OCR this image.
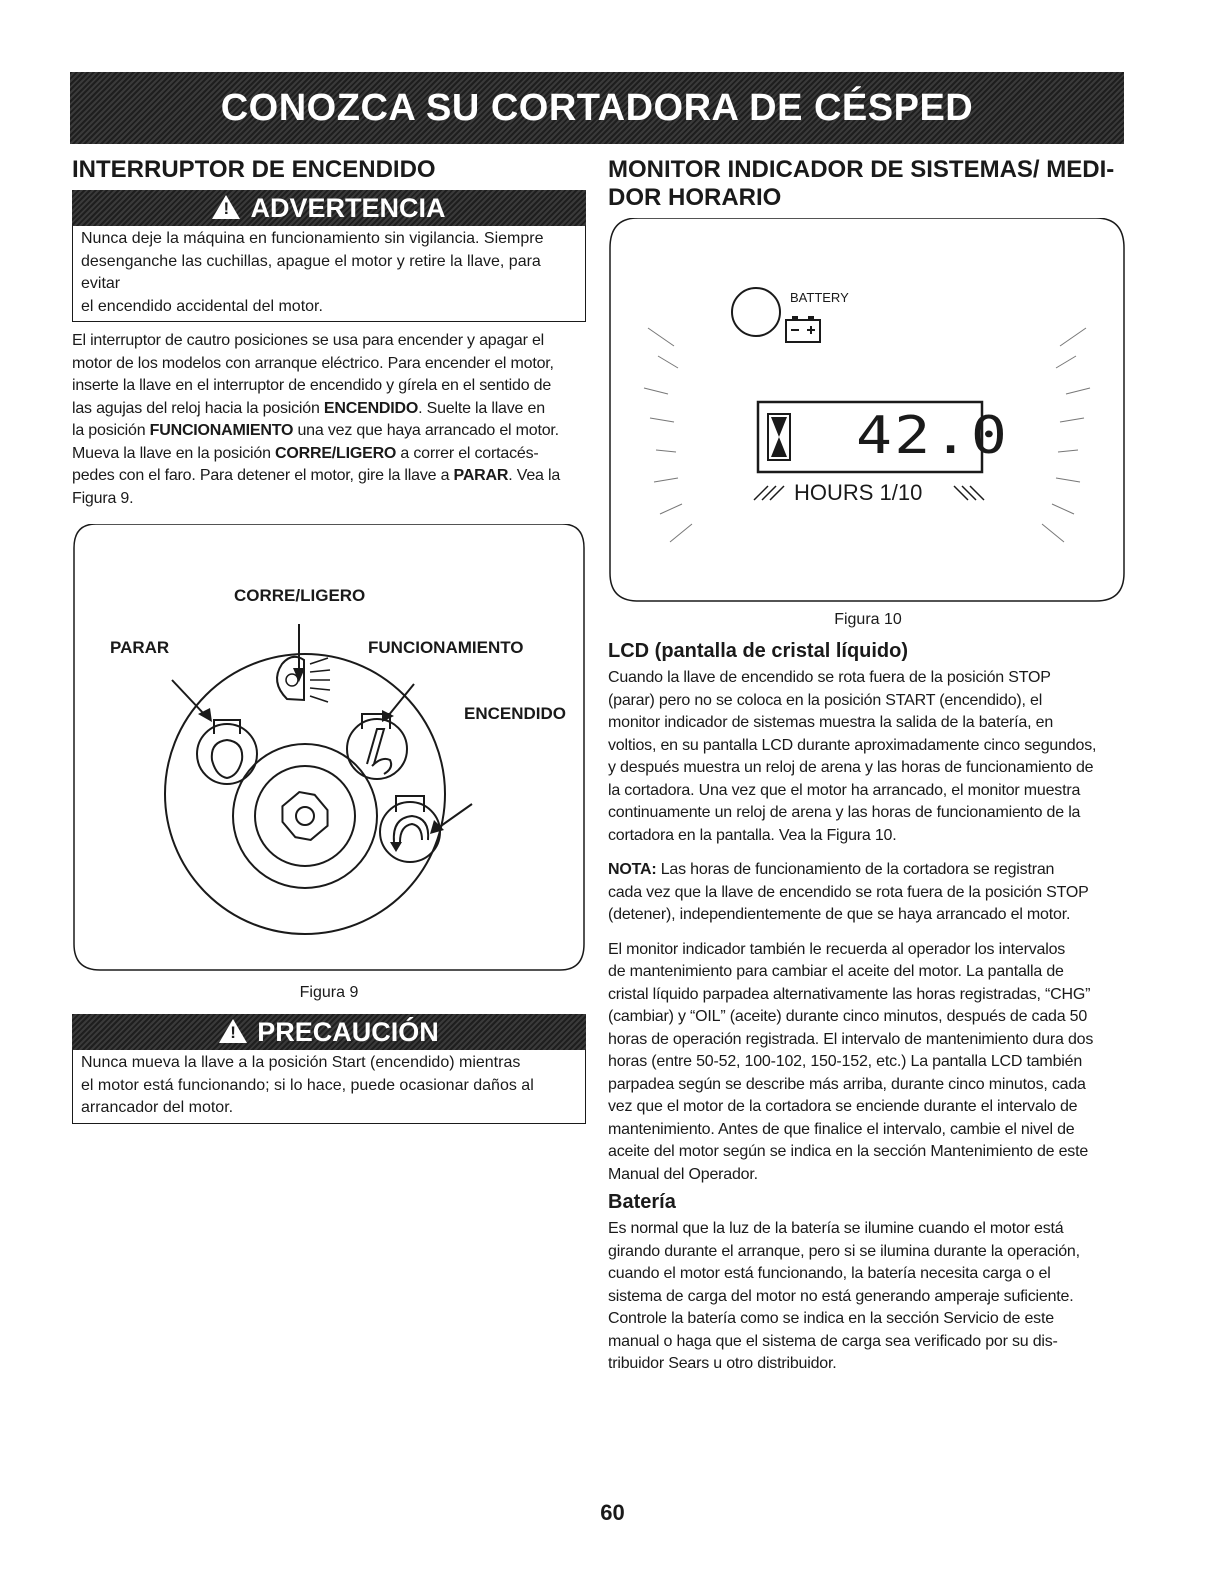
CONOZCA SU CORTADORA DE CÉSPED
INTERRUPTOR DE ENCENDIDO
!
ADVERTENCIA
Nunca deje la máquina en funcionamiento sin vigilancia. Siempre
desenganche las cuchillas, apague el motor y retire la llave, para evitar
el encendido accidental del motor.

El interruptor de cautro posiciones se usa para encender y apagar el

motor de los modelos con arranque eléctrico. Para encender el motor,

inserte la llave en el interruptor de encendido y gírela en el sentido de

las agujas del reloj hacia la posición ENCENDIDO. Suelte la llave en

la posición FUNCIONAMIENTO una vez que haya arrancado el motor.

Mueva la llave en la posición CORRE/LIGERO a correr el cortacés-

pedes con el faro. Para detener el motor, gire la llave a PARAR. Vea la

Figura 9.

CORRE/LIGERO
PARAR	FUNCIONAMIENTO
ENCENDIDO

Figura 9

!
PRECAUCIÓN
Nunca mueva la llave a la posición Start (encendido) mientras
el motor está funcionando; si lo hace, puede ocasionar daños al
arrancador del motor.
MONITOR INDICADOR DE SISTEMAS/ MEDI-
DOR HORARIO
BATTERY
42.0
HOURS 1/10

Figura 10

LCD (pantalla de cristal líquido)

Cuando la llave de encendido se rota fuera de la posición STOP

(parar) pero no se coloca en la posición START (encendido), el

monitor indicador de sistemas muestra la salida de la batería, en

voltios, en su pantalla LCD durante aproximadamente cinco segundos,

y después muestra un reloj de arena y las horas de funcionamiento de

la cortadora. Una vez que el motor ha arrancado, el monitor muestra

continuamente un reloj de arena y las horas de funcionamiento de la

cortadora en la pantalla. Vea la Figura 10.

NOTA: Las horas de funcionamiento de la cortadora se registran

cada vez que la llave de encendido se rota fuera de la posición STOP

(detener), independientemente de que se haya arrancado el motor.

El monitor indicador también le recuerda al operador los intervalos

de mantenimiento para cambiar el aceite del motor. La pantalla de

cristal líquido parpadea alternativamente las horas registradas, “CHG”

(cambiar) y “OIL” (aceite) durante cinco minutos, después de cada 50

horas de operación registrada. El intervalo de mantenimiento dura dos

horas (entre 50-52, 100-102, 150-152, etc.) La pantalla LCD también

parpadea según se describe más arriba, durante cinco minutos, cada

vez que el motor de la cortadora se enciende durante el intervalo de

mantenimiento. Antes de que finalice el intervalo, cambie el nivel de

aceite del motor según se indica en la sección Mantenimiento de este

Manual del Operador.

Batería

Es normal que la luz de la batería se ilumine cuando el motor está

girando durante el arranque, pero si se ilumina durante la operación,

cuando el motor está funcionando, la batería necesita carga o el

sistema de carga del motor no está generando amperaje suficiente.

Controle la batería como se indica en la sección Servicio de este

manual o haga que el sistema de carga sea verificado por su dis-

tribuidor Sears u otro distribuidor.

60
